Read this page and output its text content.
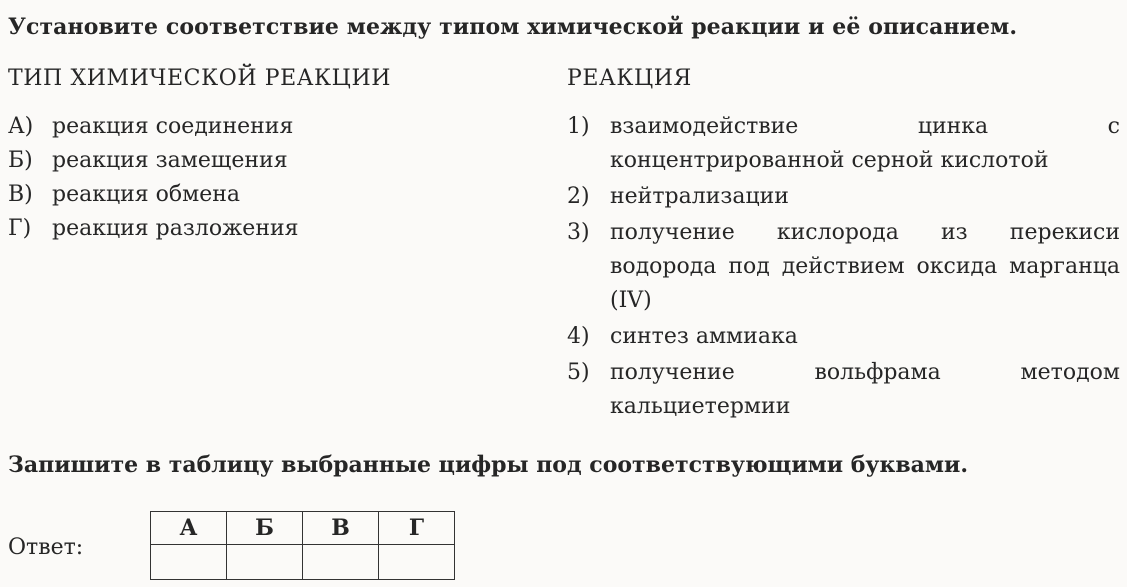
Установите соответствие между типом химической реакции и её описанием.
ТИП ХИМИЧЕСКОЙ РЕАКЦИИ	РЕАКЦИЯ
А) реакция соединения
Б) реакция замещения
В) реакция обмена
Г) реакция разложения
1) взаимодействие цинка с концентрированной серной кислотой
2) нейтрализации
3) получение кислорода из перекиси водорода под действием оксида марганца (IV)
4) синтез аммиака
5) получение вольфрама методом кальциетермии
Запишите в таблицу выбранные цифры под соответствующими буквами.
Ответ:
А	Б	В	Г
